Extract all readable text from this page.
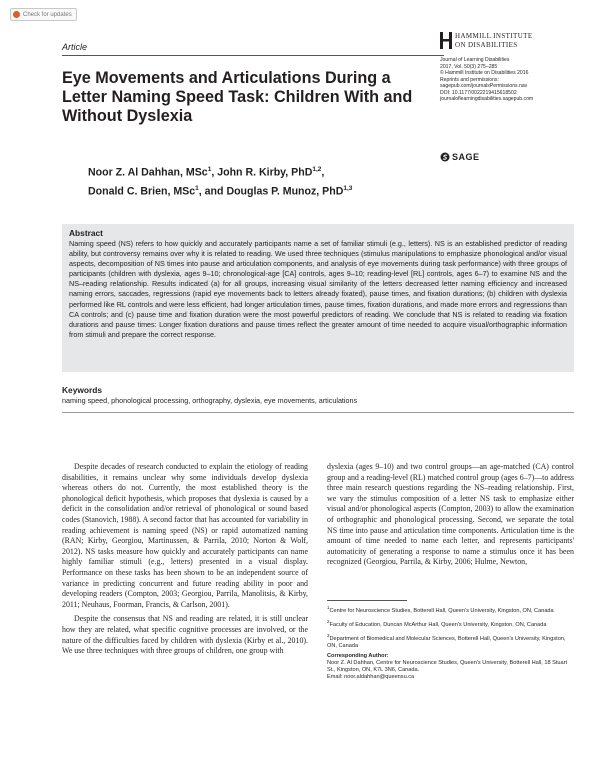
Check for updates
Article
Eye Movements and Articulations During a Letter Naming Speed Task: Children With and Without Dyslexia
HAMMILL INSTITUTE
ON DISABILITIES
Journal of Learning Disabilities
2017, Vol. 50(3) 275–285
© Hammill Institute on Disabilities 2016
Reprints and permissions:
sagepub.com/journalsPermissions.nav
DOI: 10.1177/0022219415618502
journaloflearningdisabilities.sagepub.com
SAGE
Noor Z. Al Dahhan, MSc$^1$, John R. Kirby, PhD$^{1,2}$,
Donald C. Brien, MSc$^1$, and Douglas P. Munoz, PhD$^{1,3}$
Abstract
Naming speed (NS) refers to how quickly and accurately participants name a set of familiar stimuli (e.g., letters). NS is an established predictor of reading ability, but controversy remains over why it is related to reading. We used three techniques (stimulus manipulations to emphasize phonological and/or visual aspects, decomposition of NS times into pause and articulation components, and analysis of eye movements during task performance) with three groups of participants (children with dyslexia, ages 9–10; chronological-age [CA] controls, ages 9–10; reading-level [RL] controls, ages 6–7) to examine NS and the NS–reading relationship. Results indicated (a) for all groups, increasing visual similarity of the letters decreased letter naming efficiency and increased naming errors, saccades, regressions (rapid eye movements back to letters already fixated), pause times, and fixation durations; (b) children with dyslexia performed like RL controls and were less efficient, had longer articulation times, pause times, fixation durations, and made more errors and regressions than CA controls; and (c) pause time and fixation duration were the most powerful predictors of reading. We conclude that NS is related to reading via fixation durations and pause times: Longer fixation durations and pause times reflect the greater amount of time needed to acquire visual/orthographic information from stimuli and prepare the correct response.
Keywords
naming speed, phonological processing, orthography, dyslexia, eye movements, articulations

Despite decades of research conducted to explain the etiology of reading disabilities, it remains unclear why some individuals develop dyslexia whereas others do not. Currently, the most established theory is the phonological deficit hypothesis, which proposes that dyslexia is caused by a deficit in the consolidation and/or retrieval of phonological or sound based codes (Stanovich, 1988). A second factor that has accounted for variability in reading achievement is naming speed (NS) or rapid automatized naming (RAN; Kirby, Georgiou, Martinussen, & Parrila, 2010; Norton & Wolf, 2012). NS tasks measure how quickly and accurately participants can name highly familiar stimuli (e.g., letters) presented in a visual display. Performance on these tasks has been shown to be an independent source of variance in predicting concurrent and future reading ability in poor and developing readers (Compton, 2003; Georgiou, Parrila, Manolitsis, & Kirby, 2011; Neuhaus, Foorman, Francis, & Carlson, 2001).

Despite the consensus that NS and reading are related, it is still unclear how they are related, what specific cognitive processes are involved, or the nature of the difficulties faced by children with dyslexia (Kirby et al., 2010). We use three techniques with three groups of children, one group with

dyslexia (ages 9–10) and two control groups—an age-matched (CA) control group and a reading-level (RL) matched control group (ages 6–7)—to address three main research questions regarding the NS–reading relationship. First, we vary the stimulus composition of a letter NS task to emphasize either visual and/or phonological aspects (Compton, 2003) to allow the examination of orthographic and phonological processing. Second, we separate the total NS time into pause and articulation time components. Articulation time is the amount of time needed to name each letter, and represents participants' automaticity of generating a response to name a stimulus once it has been recognized (Georgiou, Parrila, & Kirby, 2006; Hulme, Newton,

$^1$Centre for Neuroscience Studies, Botterell Hall, Queen's University, Kingston, ON, Canada
$^2$Faculty of Education, Duncan McArthur Hall, Queen's University, Kingston, ON, Canada
$^3$Department of Biomedical and Molecular Sciences, Botterell Hall, Queen's University, Kingston, ON, Canada
Corresponding Author:
Noor Z. Al Dahhan, Centre for Neuroscience Studies, Queen's University, Botterell Hall, 18 Stuart St., Kingston, ON, K7L 3N6, Canada.
Email: noor.aldahhan@queensu.ca
